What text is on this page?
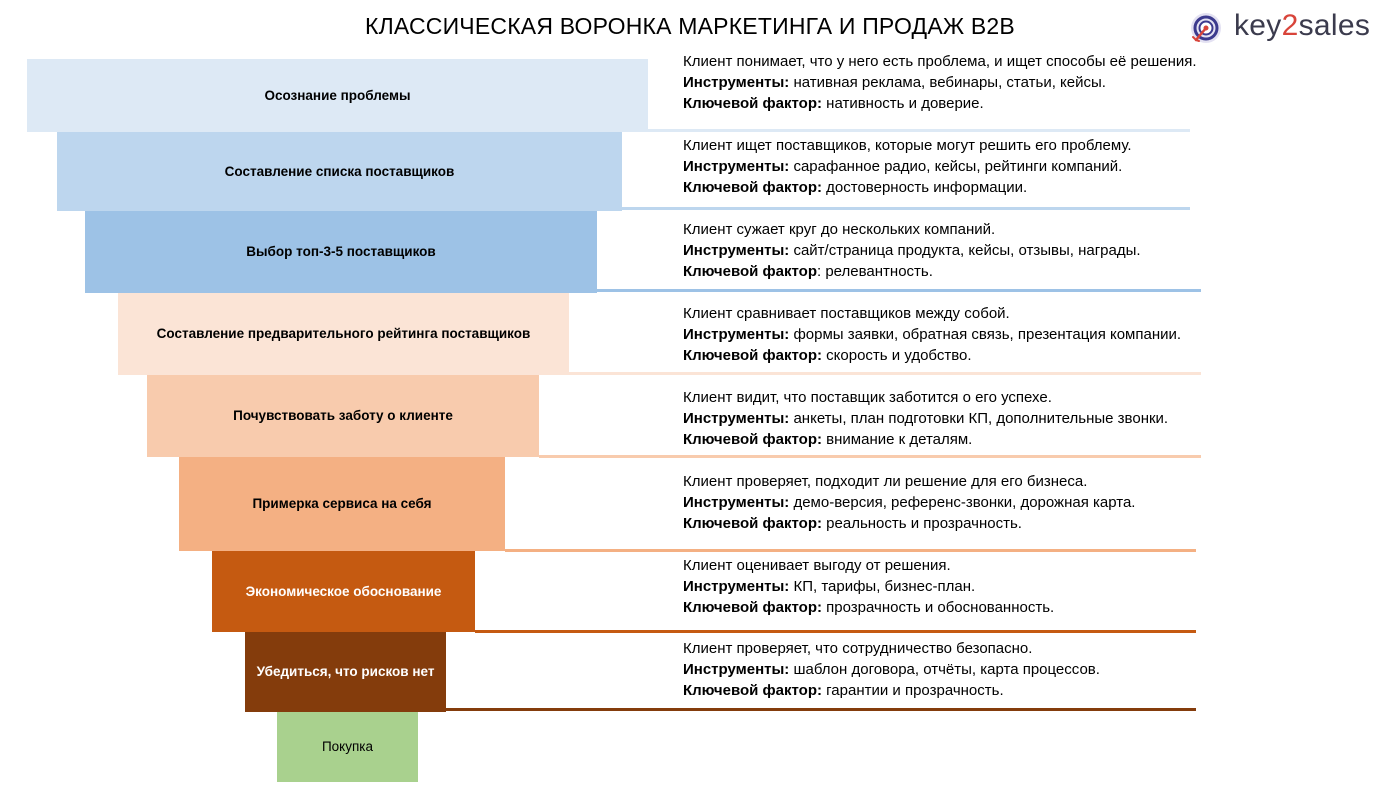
КЛАССИЧЕСКАЯ ВОРОНКА МАРКЕТИНГА И ПРОДАЖ B2B	key2sales
Осознание проблемы
Составление списка поставщиков
Выбор топ-3-5 поставщиков
Составление предварительного рейтинга поставщиков
Почувствовать заботу о клиенте
Примерка сервиса на себя
Экономическое обоснование
Убедиться, что рисков нет
Покупка
Клиент понимает, что у него есть проблема, и ищет способы её решения.
Инструменты: нативная реклама, вебинары, статьи, кейсы.
Ключевой фактор: нативность и доверие.
Клиент ищет поставщиков, которые могут решить его проблему.
Инструменты: сарафанное радио, кейсы, рейтинги компаний.
Ключевой фактор: достоверность информации.
Клиент сужает круг до нескольких компаний.
Инструменты: сайт/страница продукта, кейсы, отзывы, награды.
Ключевой фактор: релевантность.
Клиент сравнивает поставщиков между собой.
Инструменты: формы заявки, обратная связь, презентация компании.
Ключевой фактор: скорость и удобство.
Клиент видит, что поставщик заботится о его успехе.
Инструменты: анкеты, план подготовки КП, дополнительные звонки.
Ключевой фактор: внимание к деталям.
Клиент проверяет, подходит ли решение для его бизнеса.
Инструменты: демо-версия, референс-звонки, дорожная карта.
Ключевой фактор: реальность и прозрачность.
Клиент оценивает выгоду от решения.
Инструменты: КП, тарифы, бизнес-план.
Ключевой фактор: прозрачность и обоснованность.
Клиент проверяет, что сотрудничество безопасно.
Инструменты: шаблон договора, отчёты, карта процессов.
Ключевой фактор: гарантии и прозрачность.
